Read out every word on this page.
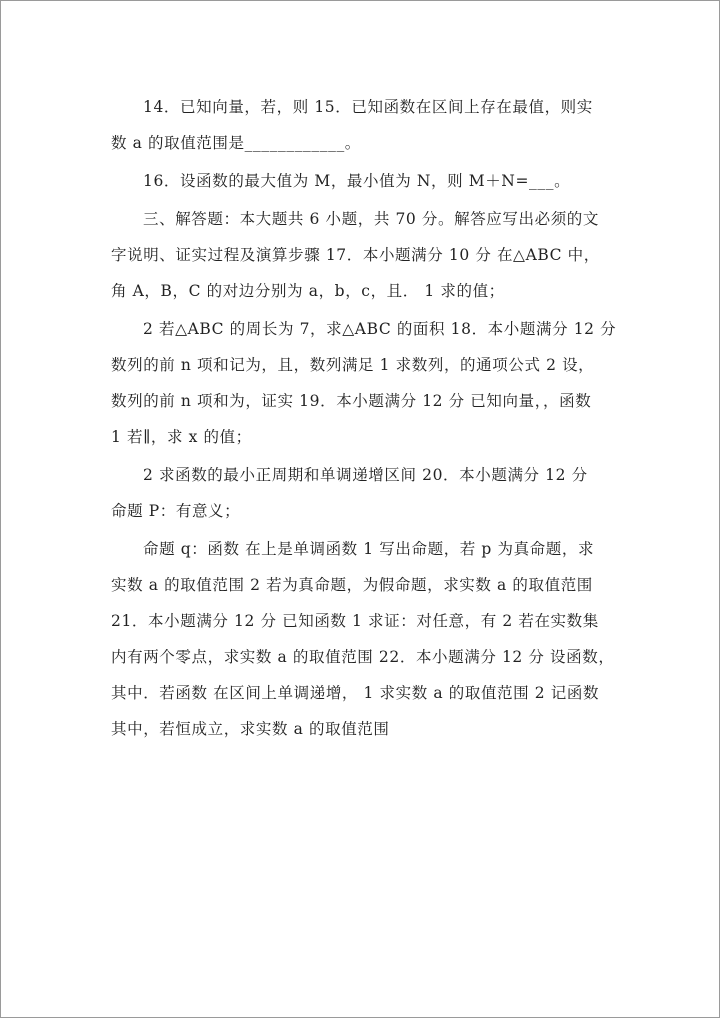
14．已知向量，若，则 15．已知函数在区间上存在最值，则实
数 a 的取值范围是____________。

16．设函数的最大值为 M，最小值为 N，则 M＋N=___。

三、解答题：本大题共 6 小题，共 70 分。解答应写出必须的文
字说明、证实过程及演算步骤 17．本小题满分 10 分 在△ABC 中，
角 A，B，C 的对边分别为 a，b，c，且． 1 求的值；

2 若△ABC 的周长为 7，求△ABC 的面积 18．本小题满分 12 分
数列的前 n 项和记为，且，数列满足 1 求数列，的通项公式 2 设，
数列的前 n 项和为，证实 19．本小题满分 12 分 已知向量，，函数
1 若∥，求 x 的值；

2 求函数的最小正周期和单调递增区间 20．本小题满分 12 分
命题 P：有意义；

命题 q：函数 在上是单调函数 1 写出命题，若 p 为真命题，求
实数 a 的取值范围 2 若为真命题，为假命题，求实数 a 的取值范围
21．本小题满分 12 分 已知函数 1 求证：对任意，有 2 若在实数集
内有两个零点，求实数 a 的取值范围 22．本小题满分 12 分 设函数，
其中．若函数 在区间上单调递增， 1 求实数 a 的取值范围 2 记函数
其中，若恒成立，求实数 a 的取值范围
